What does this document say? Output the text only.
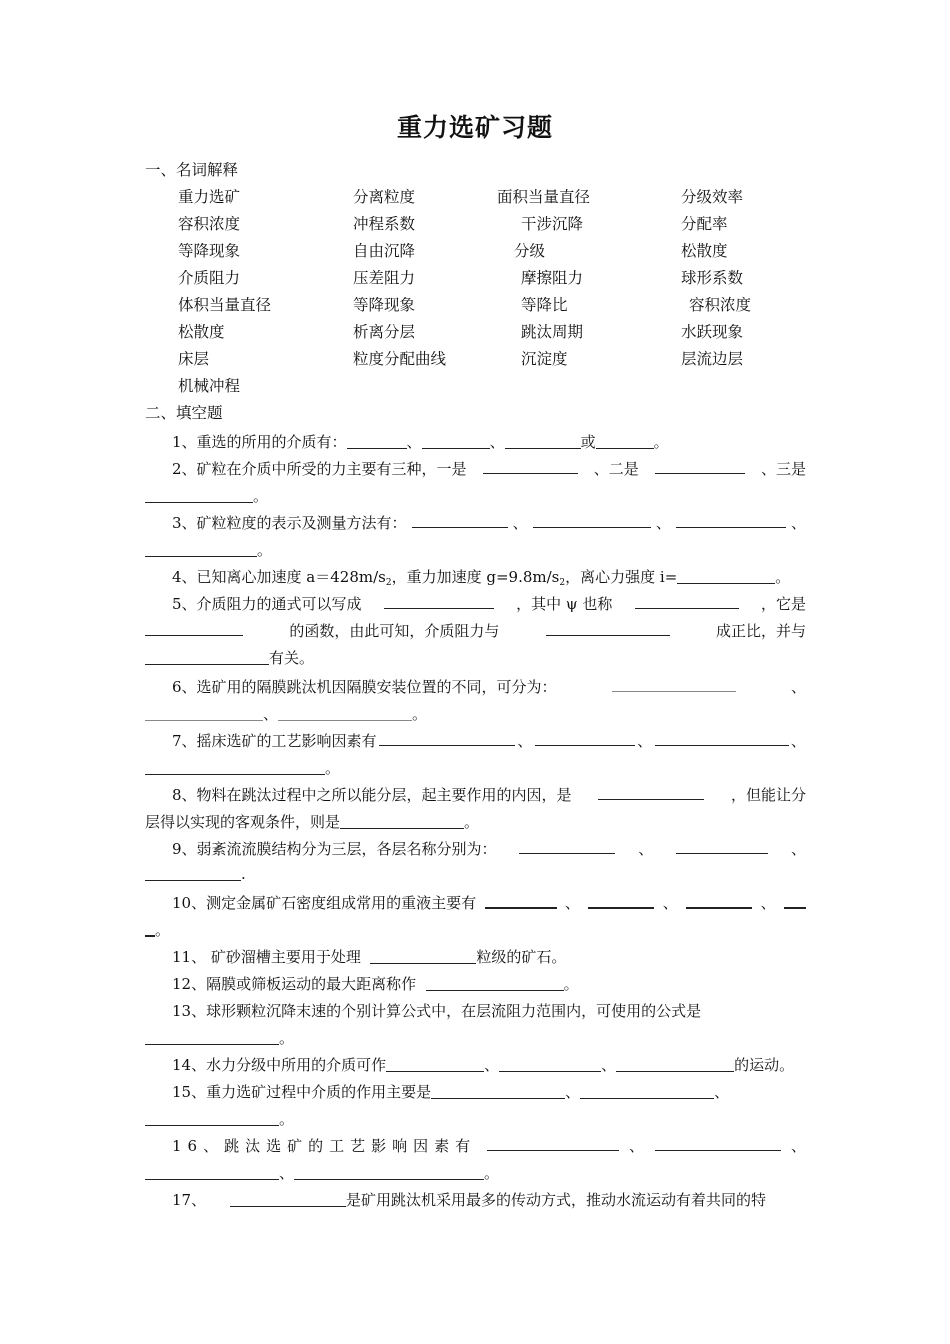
重力选矿习题
一、名词解释
重力选矿	分离粒度	面积当量直径	分级效率
容积浓度	冲程系数	干涉沉降	分配率
等降现象	自由沉降	分级	松散度
介质阻力	压差阻力	摩擦阻力	球形系数
体积当量直径	等降现象	等降比	容积浓度
松散度	析离分层	跳汰周期	水跃现象
床层	粒度分配曲线	沉淀度	层流边层
机械冲程
二、填空题
1、重选的所用的介质有：	、	、	或	。
2、矿粒在介质中所受的力主要有三种，一是	、二是	、三是
。
3、矿粒粒度的表示及测量方法有：	、	、	、
。
4、已知离心加速度 $a=428m/s_2$，重力加速度 $g=9.8m/s_2$，离心力强度 i=	。
5、介质阻力的通式可以写成	，其中 ψ 也称	，它是
的函数，由此可知，介质阻力与	成正比，并与
有关。
6、选矿用的隔膜跳汰机因隔膜安装位置的不同，可分为：	、
、	。
7、摇床选矿的工艺影响因素有	、	、	、
。
8、物料在跳汰过程中之所以能分层，起主要作用的内因，是	，但能让分
层得以实现的客观条件，则是	。
9、弱紊流流膜结构分为三层，各层名称分别为：	、	、
.
10、测定金属矿石密度组成常用的重液主要有	、	、	、
。
11、 矿砂溜槽主要用于处理	粒级的矿石。
12、隔膜或筛板运动的最大距离称作	。
13、球形颗粒沉降末速的个别计算公式中，在层流阻力范围内，可使用的公式是
。
14、水力分级中所用的介质可作	、	、	的运动。
15、重力选矿过程中介质的作用主要是	、	、
。
16、跳汰选矿的工艺影响因素有	、	、
、	。
17、	是矿用跳汰机采用最多的传动方式，推动水流运动有着共同的特
